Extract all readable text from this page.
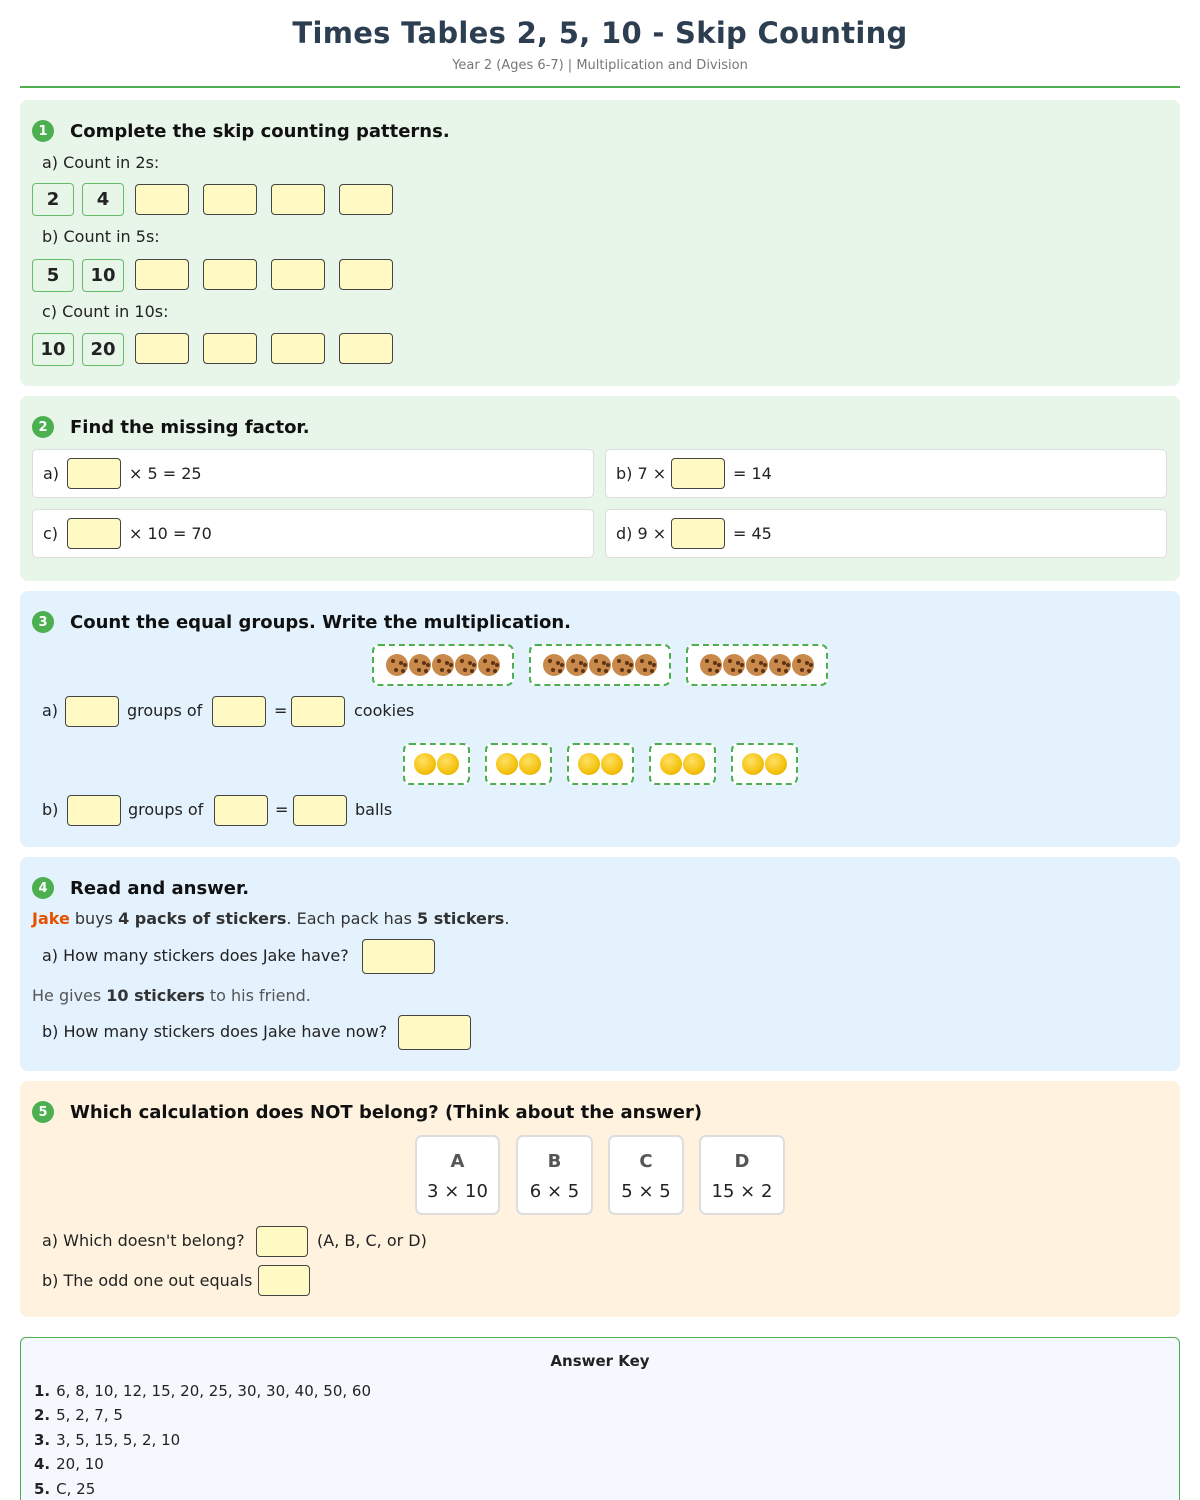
Times Tables 2, 5, 10 - Skip Counting
Year 2 (Ages 6-7) | Multiplication and Division
1	Complete the skip counting patterns.
a) Count in 2s:
2	4
b) Count in 5s:
5	10
c) Count in 10s:
10	20
2	Find the missing factor.
a)	× 5 = 25	b) 7 ×	= 14
c)	× 10 = 70	d) 9 ×	= 45
3	Count the equal groups. Write the multiplication.
a)	groups of	=	cookies
b)	groups of	=	balls
4	Read and answer.
Jake buys 4 packs of stickers. Each pack has 5 stickers.
a) How many stickers does Jake have?
He gives 10 stickers to his friend.
b) How many stickers does Jake have now?
5	Which calculation does NOT belong? (Think about the answer)
a) Which doesn't belong?	(A, B, C, or D)
b) The odd one out equals
A
3 × 10
B
6 × 5
C
5 × 5
D
15 × 2
Answer Key
1. 6, 8, 10, 12, 15, 20, 25, 30, 30, 40, 50, 60
2. 5, 2, 7, 5
3. 3, 5, 15, 5, 2, 10
4. 20, 10
5. C, 25
